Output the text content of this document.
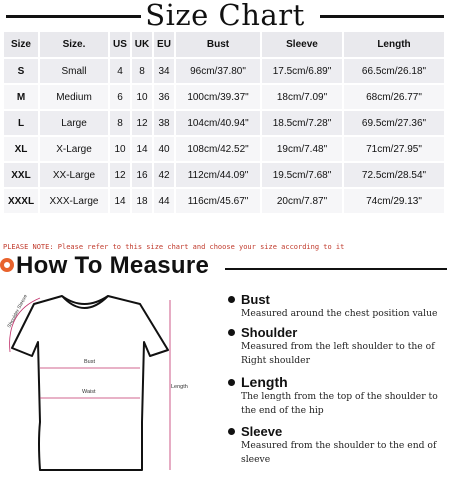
Size Chart
Size	Size.	US	UK	EU	Bust	Sleeve	Length
S	Small	4	8	34	96cm/37.80"	17.5cm/6.89"	66.5cm/26.18"
M	Medium	6	10	36	100cm/39.37"	18cm/7.09"	68cm/26.77"
L	Large	8	12	38	104cm/40.94"	18.5cm/7.28"	69.5cm/27.36"
XL	X-Large	10	14	40	108cm/42.52"	19cm/7.48"	71cm/27.95"
XXL	XX-Large	12	16	42	112cm/44.09"	19.5cm/7.68"	72.5cm/28.54"
XXXL	XXX-Large	14	18	44	116cm/45.67"	20cm/7.87"	74cm/29.13"
PLEASE NOTE: Please refer to this size chart and choose your size according to it
How To Measure
Shoulder Sleeve
Bust
Waist
Length
Bust
Measured around the chest position value
Shoulder
Measured from the left shoulder to the of Right shoulder
Length
The length from the top of the shoulder to the end of the hip
Sleeve
Measured from the shoulder to the end of sleeve
